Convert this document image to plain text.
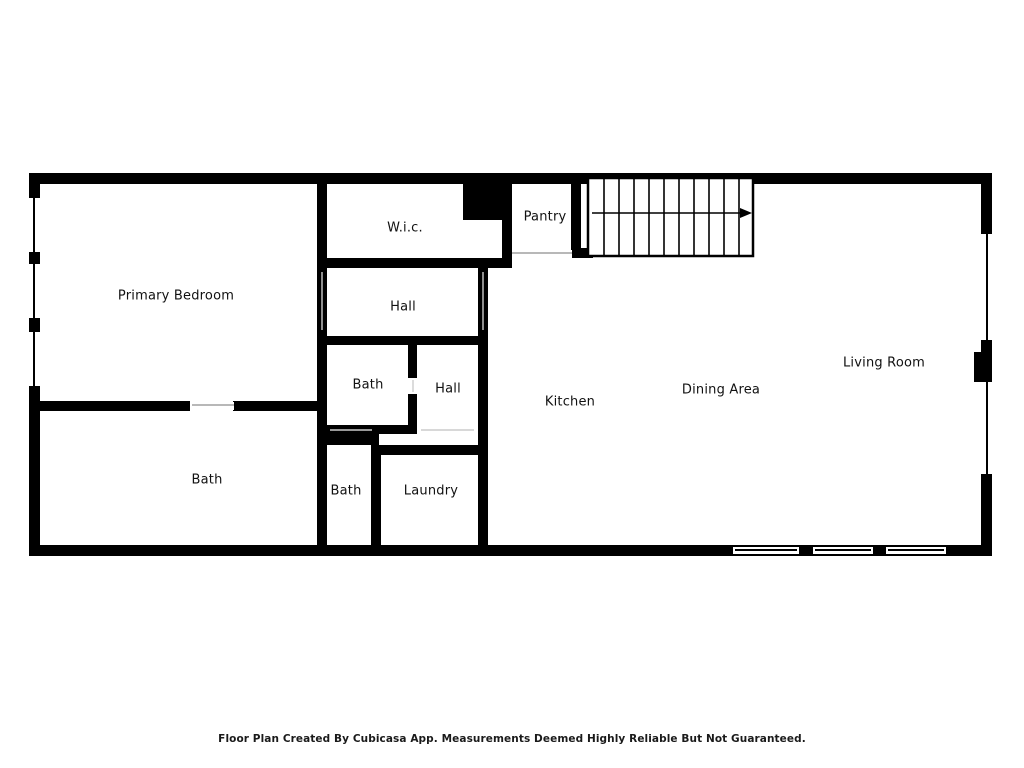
Primary Bedroom
W.i.c.
Pantry
Hall
Bath	Hall
Kitchen
Dining Area
Living Room
Bath
Bath	Laundry
Floor Plan Created By Cubicasa App. Measurements Deemed Highly Reliable But Not Guaranteed.
